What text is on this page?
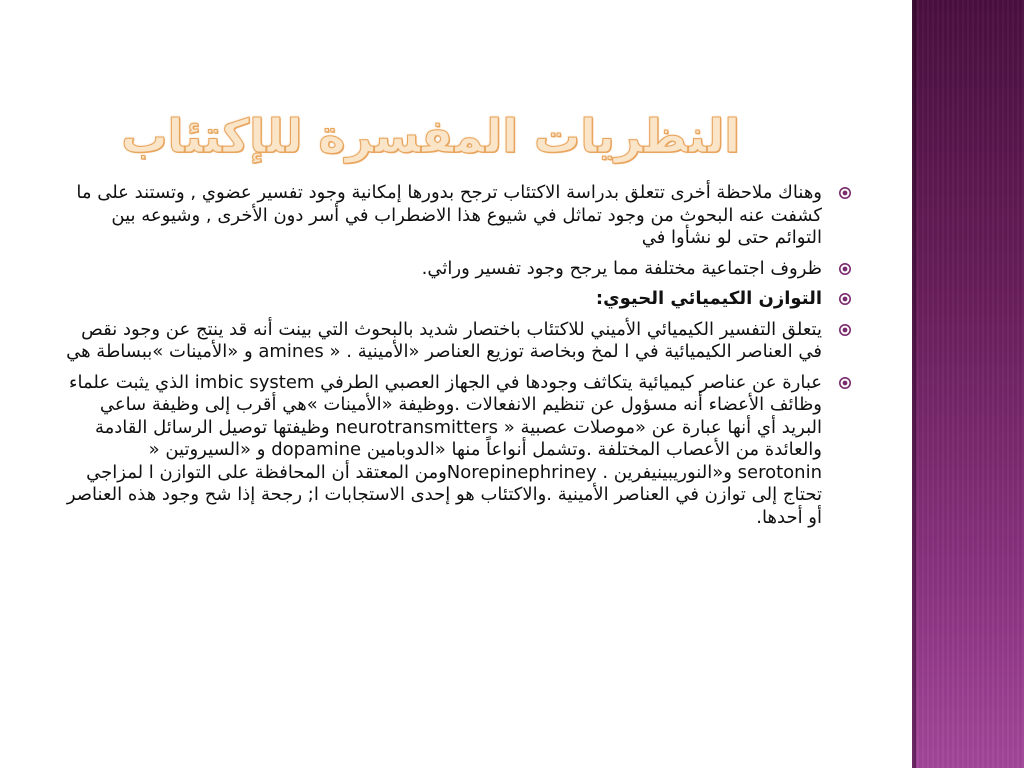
النظريات المفسرة للإكتئاب
وهناك ملاحظة أخرى تتعلق بدراسة الاكتئاب ترجح بدورها إمكانية وجود تفسير عضوي , وتستند على ما كشفت عنه البحوث من وجود تماثل في شيوع هذا الاضطراب في أسر دون الأخرى , وشيوعه بين التوائم حتى لو نشأوا في
ظروف اجتماعية مختلفة مما يرجح وجود تفسير وراثي.
التوازن الكيميائي الحيوي:
يتعلق التفسير الكيميائي الأميني للاكتئاب باختصار شديد بالبحوث التي بينت أنه قد ينتج عن وجود نقص في العناصر الكيميائية في ا لمخ وبخاصة توزيع العناصر «الأمينية . « amines و «الأمينات »ببساطة هي
عبارة عن عناصر كيميائية يتكاثف وجودها في الجهاز العصبي الطرفي imbic system الذي يثبت علماء وظائف الأعضاء أنه مسؤول عن تنظيم الانفعالات .ووظيفة «الأمينات »هي أقرب إلى وظيفة ساعي البريد أي أنها عبارة عن «موصلات عصبية « neurotransmitters وظيفتها توصيل الرسائل القادمة والعائدة من الأعصاب المختلفة .وتشمل أنواعاً منها «الدوبامين dopamine و «السيروتين « serotonin و«النوريبينيفرين . Norepinephrineyومن المعتقد أن المحافظة على التوازن ا لمزاجي تحتاج إلى توازن في العناصر الأمينية .والاكتئاب هو إحدى الاستجابات ا; رجحة إذا شح وجود هذه العناصر أو أحدها.
